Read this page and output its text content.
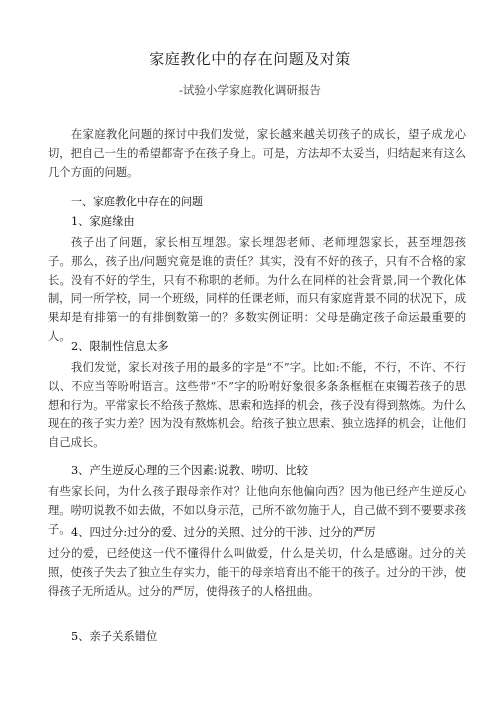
家庭教化中的存在问题及对策
-试验小学家庭教化调研报告

在家庭教化问题的探讨中我们发觉，家长越来越关切孩子的成长，望子成龙心切，把自己一生的希望都寄予在孩子身上。可是，方法却不太妥当，归结起来有这么几个方面的问题。

一、家庭教化中存在的问题

1、家庭缘由

孩子出了问题，家长相互埋怨。家长埋怨老师、老师埋怨家长，甚至埋怨孩子。那么，孩子出/问题究竟是谁的责任？其实，没有不好的孩子，只有不合格的家长。没有不好的学生，只有不称职的老师。为什么在同样的社会背景,同一个教化体制，同一所学校，同一个班级，同样的任课老师，而只有家庭背景不同的状况下，成果却是有排第一的有排倒数第一的？多数实例证明：父母是确定孩子命运最重要的人。

2、限制性信息太多

我们发觉，家长对孩子用的最多的字是“不”字。比如:不能，不行，不许、不行以、不应当等吩咐语言。这些带“不”字的吩咐好象很多条条框框在束镯若孩子的思想和行为。平常家长不给孩子熬炼、思索和选择的机会，孩子没有得到熬炼。为什么现在的孩子实力差？因为没有熬炼机会。给孩子独立思索、独立选择的机会，让他们自己成长。

3、产生逆反心理的三个因素:说教、唠叨、比较

有些家长问，为什么孩子跟母亲作对？让他向东他偏向西？因为他已经产生逆反心理。唠叨说教不如去做，不如以身示范，己所不欲勿施于人，自己做不到不要要求孩子。 4、四过分:过分的爱、过分的关照、过分的干涉、过分的严厉

过分的爱，已经使这一代不懂得什么叫做爱，什么是关切，什么是感谢。过分的关照，使孩子失去了独立生存实力，能干的母亲培育出不能干的孩子。过分的干涉，使得孩子无所适从。过分的严厉，使得孩子的人格扭曲。

5、亲子关系错位
